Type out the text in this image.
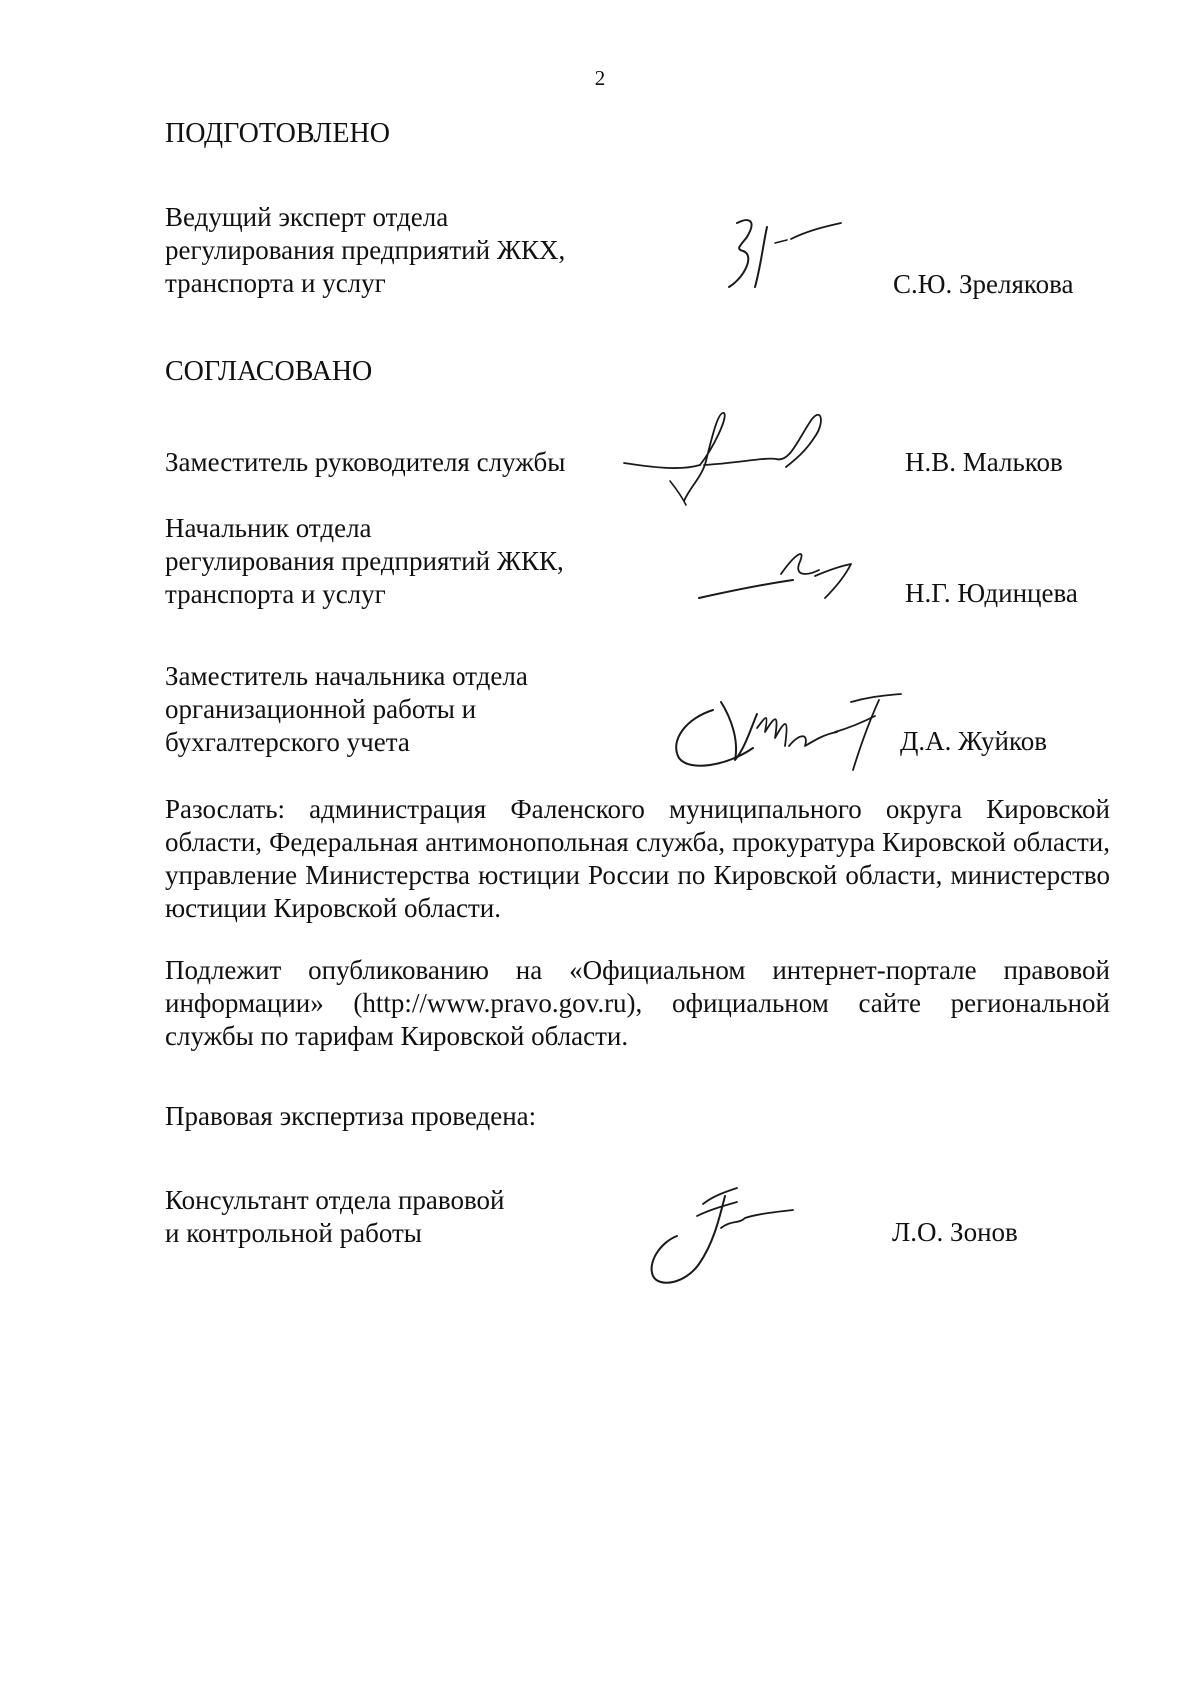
2
ПОДГОТОВЛЕНО
Ведущий эксперт отдела
регулирования предприятий ЖКХ,
транспорта и услуг	С.Ю. Зрелякова
СОГЛАСОВАНО
Заместитель руководителя службы	Н.В. Мальков
Начальник отдела
регулирования предприятий ЖКК,
транспорта и услуг	Н.Г. Юдинцева
Заместитель начальника отдела
организационной работы и
бухгалтерского учета	Д.А. Жуйков
Разослать: администрация Фаленского муниципального округа Кировской области, Федеральная антимонопольная служба, прокуратура Кировской области, управление Министерства юстиции России по Кировской области, министерство юстиции Кировской области.
Подлежит опубликованию на «Официальном интернет-портале правовой информации» (http://www.pravo.gov.ru), официальном сайте региональной службы по тарифам Кировской области.
Правовая экспертиза проведена:
Консультант отдела правовой
и контрольной работы	Л.О. Зонов
